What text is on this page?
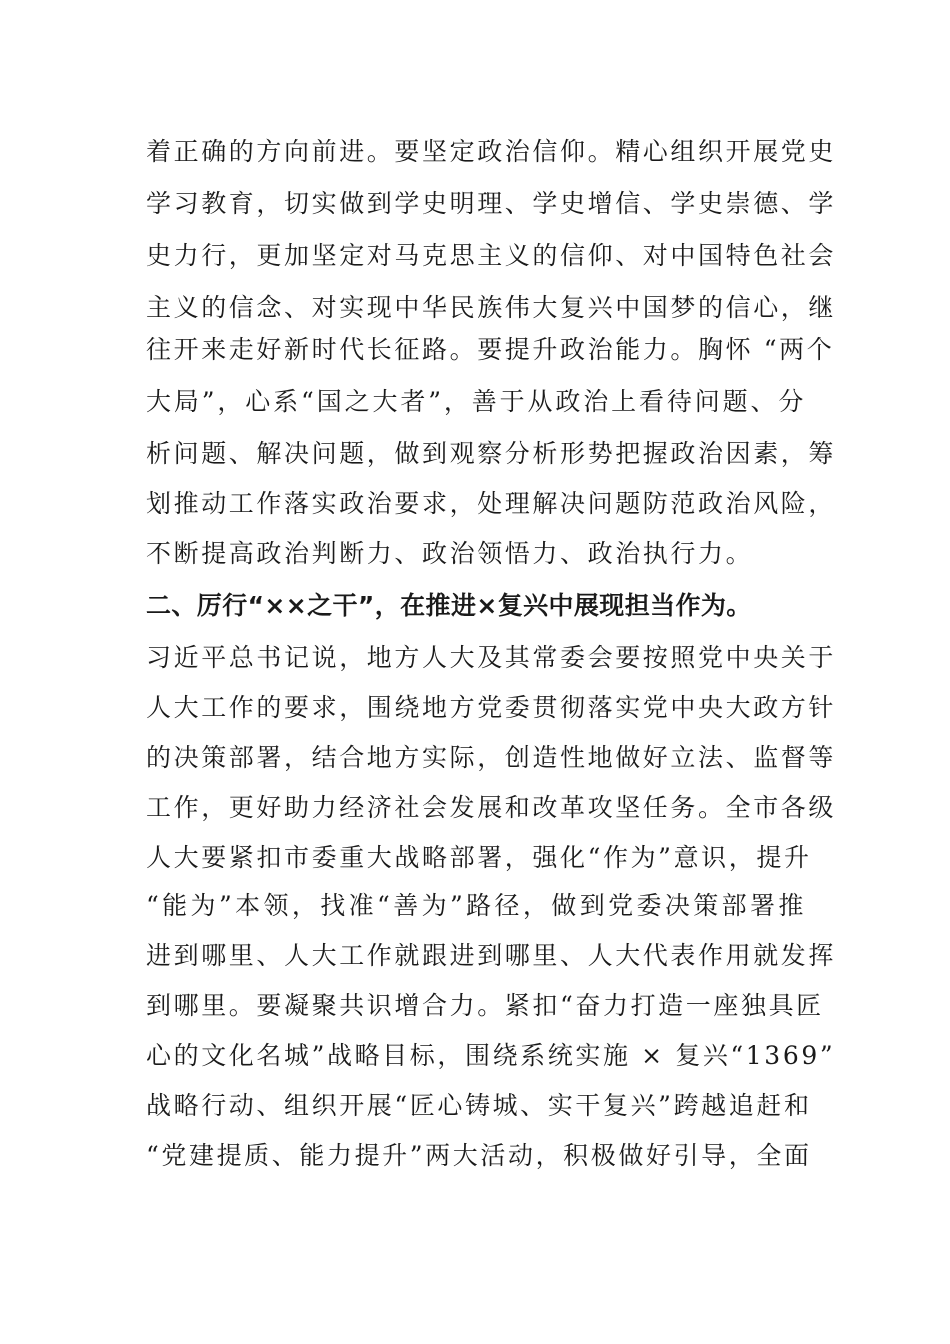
着正确的方向前进。要坚定政治信仰。精心组织开展党史
学习教育，切实做到学史明理、学史增信、学史崇德、学
史力行，更加坚定对马克思主义的信仰、对中国特色社会
主义的信念、对实现中华民族伟大复兴中国梦的信心，继
往开来走好新时代长征路。要提升政治能力。胸怀 “两个
大局”，心系“国之大者”，善于从政治上看待问题、分
析问题、解决问题，做到观察分析形势把握政治因素，筹
划推动工作落实政治要求，处理解决问题防范政治风险，
不断提高政治判断力、政治领悟力、政治执行力。
二、厉行“××之干”，在推进×复兴中展现担当作为。
习近平总书记说，地方人大及其常委会要按照党中央关于
人大工作的要求，围绕地方党委贯彻落实党中央大政方针
的决策部署，结合地方实际，创造性地做好立法、监督等
工作，更好助力经济社会发展和改革攻坚任务。全市各级
人大要紧扣市委重大战略部署，强化“作为”意识，提升
“能为”本领，找准“善为”路径，做到党委决策部署推
进到哪里、人大工作就跟进到哪里、人大代表作用就发挥
到哪里。要凝聚共识增合力。紧扣“奋力打造一座独具匠
心的文化名城”战略目标，围绕系统实施 × 复兴“1369”
战略行动、组织开展“匠心铸城、实干复兴”跨越追赶和
“党建提质、能力提升”两大活动，积极做好引导，全面
